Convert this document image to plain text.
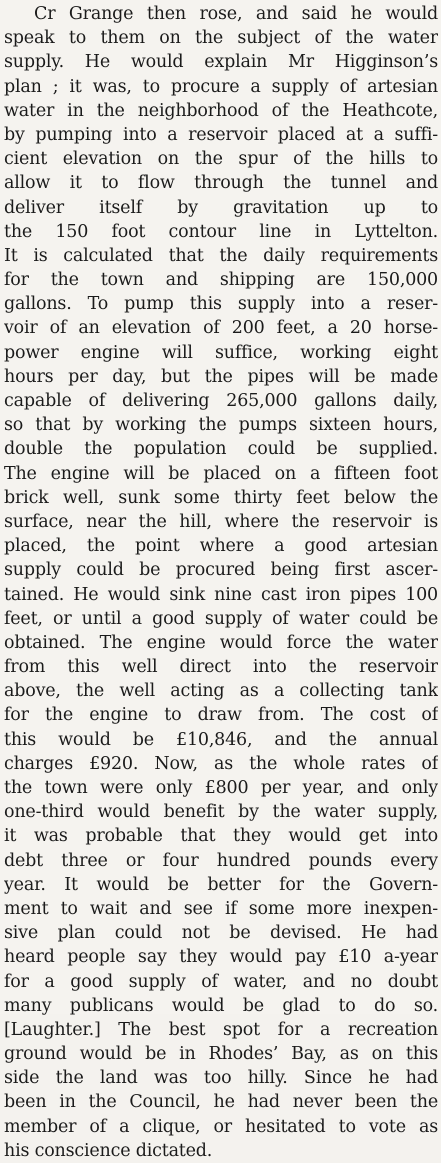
Cr Grange then rose, and said he would
speak to them on the subject of the water
supply. He would explain Mr Higginson’s
plan ; it was, to procure a supply of artesian
water in the neighborhood of the Heathcote,
by pumping into a reservoir placed at a suffi-
cient elevation on the spur of the hills to
allow it to flow through the tunnel and
deliver itself by gravitation up to
the 150 foot contour line in Lyttelton.
It is calculated that the daily requirements
for the town and shipping are 150,000
gallons. To pump this supply into a reser-
voir of an elevation of 200 feet, a 20 horse-
power engine will suffice, working eight
hours per day, but the pipes will be made
capable of delivering 265,000 gallons daily,
so that by working the pumps sixteen hours,
double the population could be supplied.
The engine will be placed on a fifteen foot
brick well, sunk some thirty feet below the
surface, near the hill, where the reservoir is
placed, the point where a good artesian
supply could be procured being first ascer-
tained. He would sink nine cast iron pipes 100
feet, or until a good supply of water could be
obtained. The engine would force the water
from this well direct into the reservoir
above, the well acting as a collecting tank
for the engine to draw from. The cost of
this would be £10,846, and the annual
charges £920. Now, as the whole rates of
the town were only £800 per year, and only
one-third would benefit by the water supply,
it was probable that they would get into
debt three or four hundred pounds every
year. It would be better for the Govern-
ment to wait and see if some more inexpen-
sive plan could not be devised. He had
heard people say they would pay £10 a-year
for a good supply of water, and no doubt
many publicans would be glad to do so.
[Laughter.] The best spot for a recreation
ground would be in Rhodes’ Bay, as on this
side the land was too hilly. Since he had
been in the Council, he had never been the
member of a clique, or hesitated to vote as
his conscience dictated.
